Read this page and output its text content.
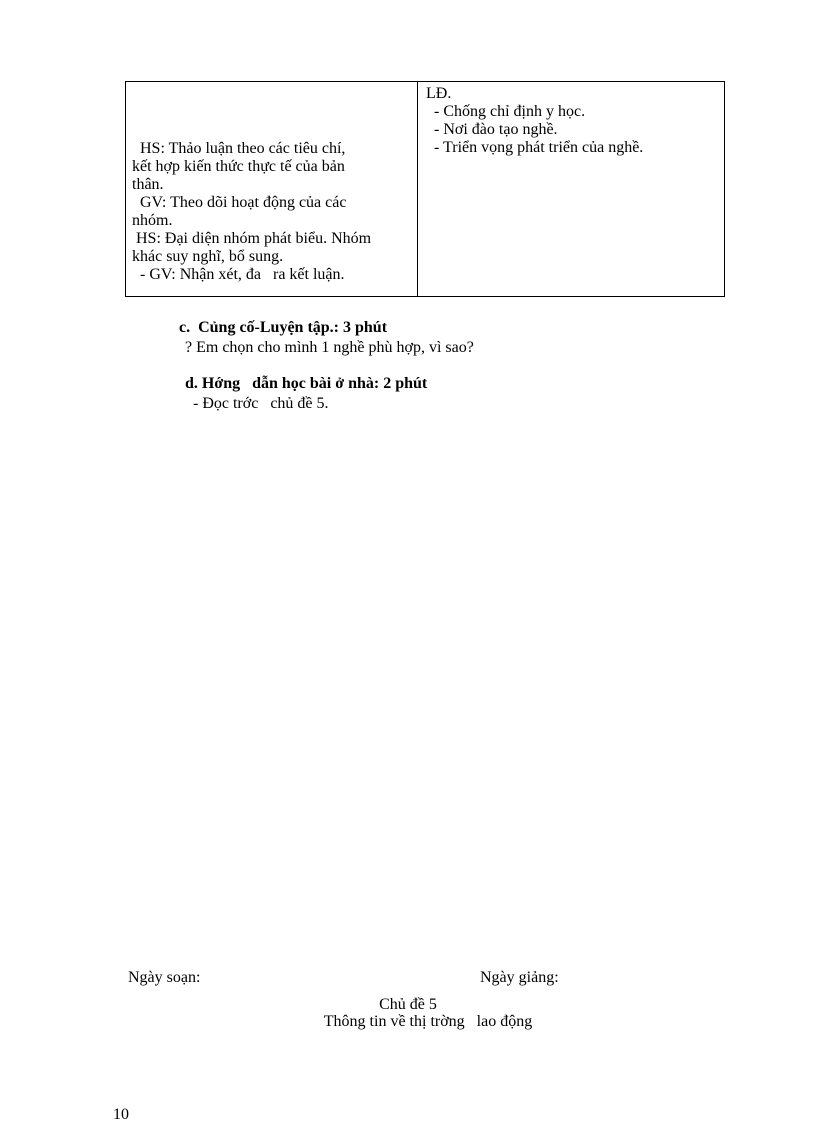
HS: Thảo luận theo các tiêu chí,
kết hợp kiến thức thực tế của bản
thân.
GV: Theo dõi hoạt động của các
nhóm.
HS: Đại diện nhóm phát biểu. Nhóm
khác suy nghĩ, bổ sung.
- GV: Nhận xét, đa   ra kết luận.
LĐ.
- Chống chỉ định y học.
- Nơi đào tạo nghề.
- Triển vọng phát triển của nghề.
c.  Củng cố-Luyện tập.: 3 phút
? Em chọn cho mình 1 nghề phù hợp, vì sao?
d. Hớng   dẫn học bài ở nhà: 2 phút
- Đọc trớc   chủ đề 5.
Ngày soạn:	Ngày giảng:
Chủ đề 5
Thông tin về thị trờng   lao động
10
